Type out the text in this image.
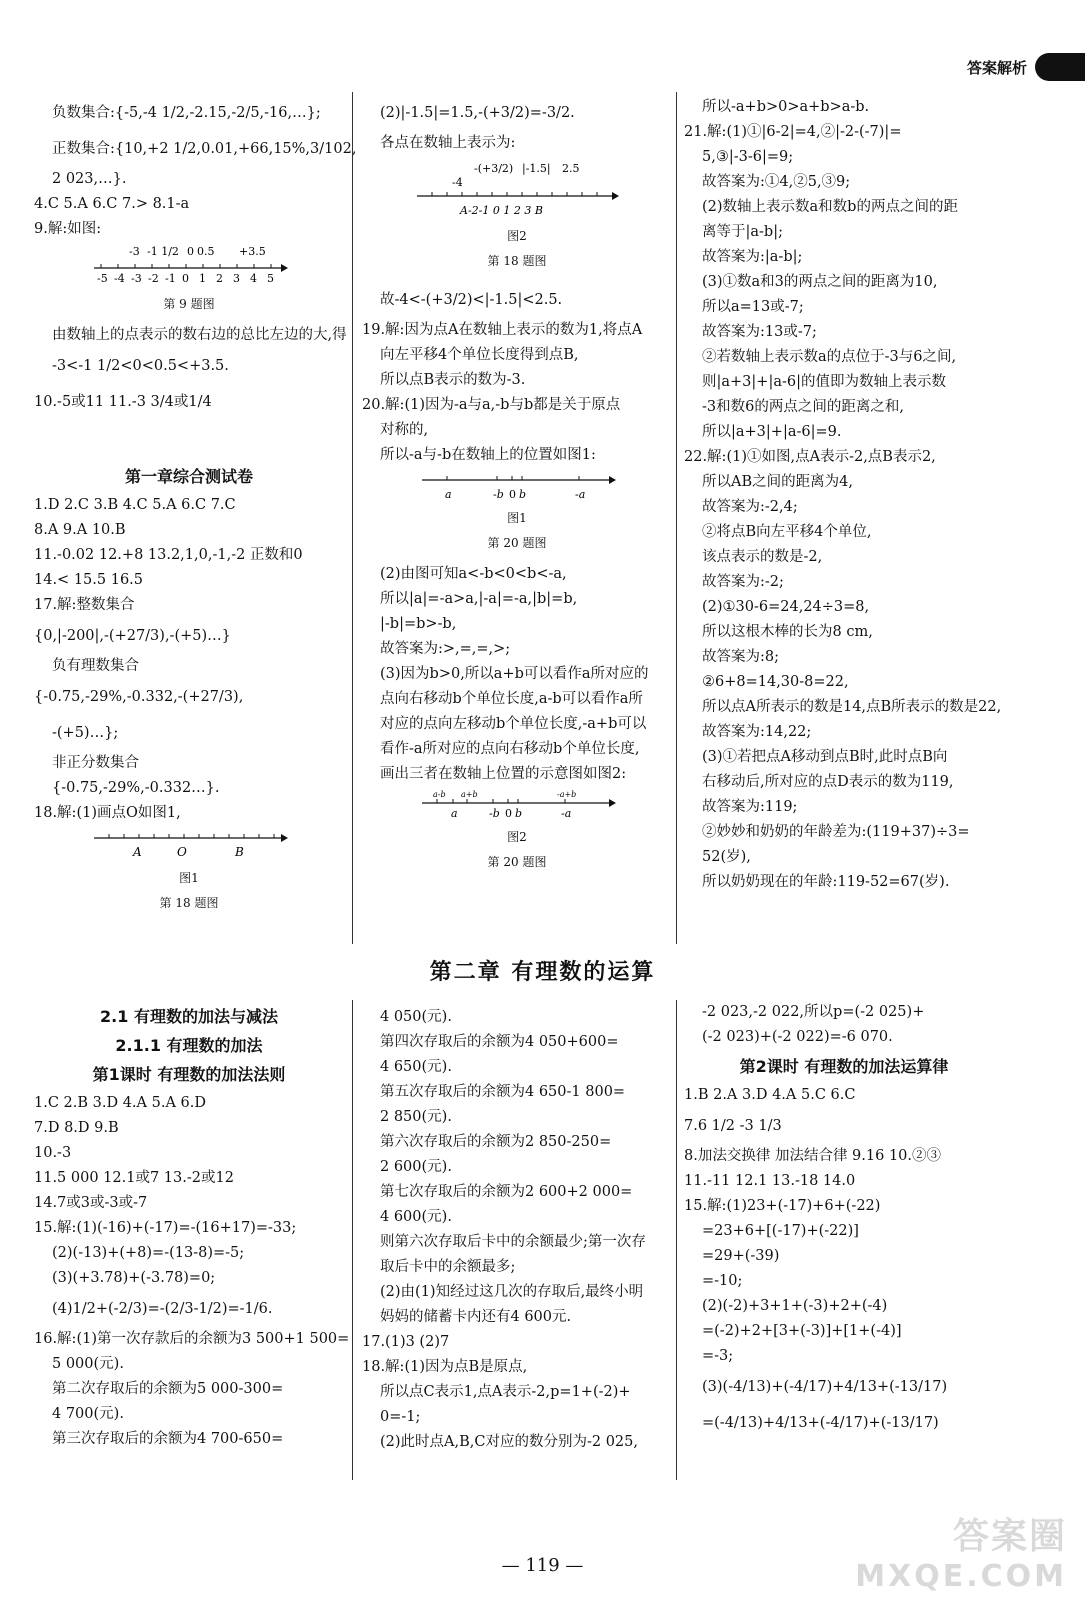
答案解析

负数集合:{-5,-4 1/2,-2.15,-2/5,-16,…};

正数集合:{10,+2 1/2,0.01,+66,15%,3/102,

2 023,…}.

4.C 5.A 6.C 7.> 8.1-a

9.解:如图:

-3 -1 1/2 0 0.5 +3.5
-5 -4 -3 -2 -1 0 1 2 3 4 5

第 9 题图

由数轴上的点表示的数右边的总比左边的大,得

-3<-1 1/2<0<0.5<+3.5.

10.-5或11 11.-3 3/4或1/4

第一章综合测试卷

1.D 2.C 3.B 4.C 5.A 6.C 7.C

8.A 9.A 10.B

11.-0.02 12.+8 13.2,1,0,-1,-2 正数和0

14.< 15.5 16.5

17.解:整数集合

{0,|-200|,-(+27/3),-(+5)…}

负有理数集合

{-0.75,-29%,-0.332,-(+27/3),

-(+5)…};

非正分数集合

{-0.75,-29%,-0.332…}.

18.解:(1)画点O如图1,

A	O	B

图1

第 18 题图

(2)|-1.5|=1.5,-(+3/2)=-3/2.

各点在数轴上表示为:

-4
-(+3/2) |-1.5| 2.5
A-2-1 0 1 2 3 B

图2

第 18 题图

故-4<-(+3/2)<|-1.5|<2.5.

19.解:因为点A在数轴上表示的数为1,将点A

向左平移4个单位长度得到点B,

所以点B表示的数为-3.

20.解:(1)因为-a与a,-b与b都是关于原点

对称的,

所以-a与-b在数轴上的位置如图1:

a	-b 0 b	-a

图1

第 20 题图

(2)由图可知a<-b<0<b<-a,

所以|a|=-a>a,|-a|=-a,|b|=b,

|-b|=b>-b,

故答案为:>,=,=,>;

(3)因为b>0,所以a+b可以看作a所对应的

点向右移动b个单位长度,a-b可以看作a所

对应的点向左移动b个单位长度,-a+b可以

看作-a所对应的点向右移动b个单位长度,

画出三者在数轴上位置的示意图如图2:

a-b a+b	-a+b
a	-b 0 b	-a

图2

第 20 题图

所以-a+b>0>a+b>a-b.

21.解:(1)①|6-2|=4,②|-2-(-7)|=

5,③|-3-6|=9;

故答案为:①4,②5,③9;

(2)数轴上表示数a和数b的两点之间的距

离等于|a-b|;

故答案为:|a-b|;

(3)①数a和3的两点之间的距离为10,

所以a=13或-7;

故答案为:13或-7;

②若数轴上表示数a的点位于-3与6之间,

则|a+3|+|a-6|的值即为数轴上表示数

-3和数6的两点之间的距离之和,

所以|a+3|+|a-6|=9.

22.解:(1)①如图,点A表示-2,点B表示2,

所以AB之间的距离为4,

故答案为:-2,4;

②将点B向左平移4个单位,

该点表示的数是-2,

故答案为:-2;

(2)①30-6=24,24÷3=8,

所以这根木棒的长为8 cm,

故答案为:8;

②6+8=14,30-8=22,

所以点A所表示的数是14,点B所表示的数是22,

故答案为:14,22;

(3)①若把点A移动到点B时,此时点B向

右移动后,所对应的点D表示的数为119,

故答案为:119;

②妙妙和奶奶的年龄差为:(119+37)÷3=

52(岁),

所以奶奶现在的年龄:119-52=67(岁).

第二章 有理数的运算
2.1 有理数的加法与减法
2.1.1 有理数的加法
第1课时 有理数的加法法则

1.C 2.B 3.D 4.A 5.A 6.D

7.D 8.D 9.B

10.-3

11.5 000 12.1或7 13.-2或12

14.7或3或-3或-7

15.解:(1)(-16)+(-17)=-(16+17)=-33;

(2)(-13)+(+8)=-(13-8)=-5;

(3)(+3.78)+(-3.78)=0;

(4)1/2+(-2/3)=-(2/3-1/2)=-1/6.

16.解:(1)第一次存款后的余额为3 500+1 500=

5 000(元).

第二次存取后的余额为5 000-300=

4 700(元).

第三次存取后的余额为4 700-650=

4 050(元).

第四次存取后的余额为4 050+600=

4 650(元).

第五次存取后的余额为4 650-1 800=

2 850(元).

第六次存取后的余额为2 850-250=

2 600(元).

第七次存取后的余额为2 600+2 000=

4 600(元).

则第六次存取后卡中的余额最少;第一次存

取后卡中的余额最多;

(2)由(1)知经过这几次的存取后,最终小明

妈妈的储蓄卡内还有4 600元.

17.(1)3 (2)7

18.解:(1)因为点B是原点,

所以点C表示1,点A表示-2,p=1+(-2)+

0=-1;

(2)此时点A,B,C对应的数分别为-2 025,

-2 023,-2 022,所以p=(-2 025)+

(-2 023)+(-2 022)=-6 070.

第2课时 有理数的加法运算律

1.B 2.A 3.D 4.A 5.C 6.C

7.6 1/2 -3 1/3

8.加法交换律 加法结合律 9.16 10.②③

11.-11 12.1 13.-18 14.0

15.解:(1)23+(-17)+6+(-22)

=23+6+[(-17)+(-22)]

=29+(-39)

=-10;

(2)(-2)+3+1+(-3)+2+(-4)

=(-2)+2+[3+(-3)]+[1+(-4)]

=-3;

(3)(-4/13)+(-4/17)+4/13+(-13/17)

=(-4/13)+4/13+(-4/17)+(-13/17)

— 119 —
答案圈
MXQE.COM
